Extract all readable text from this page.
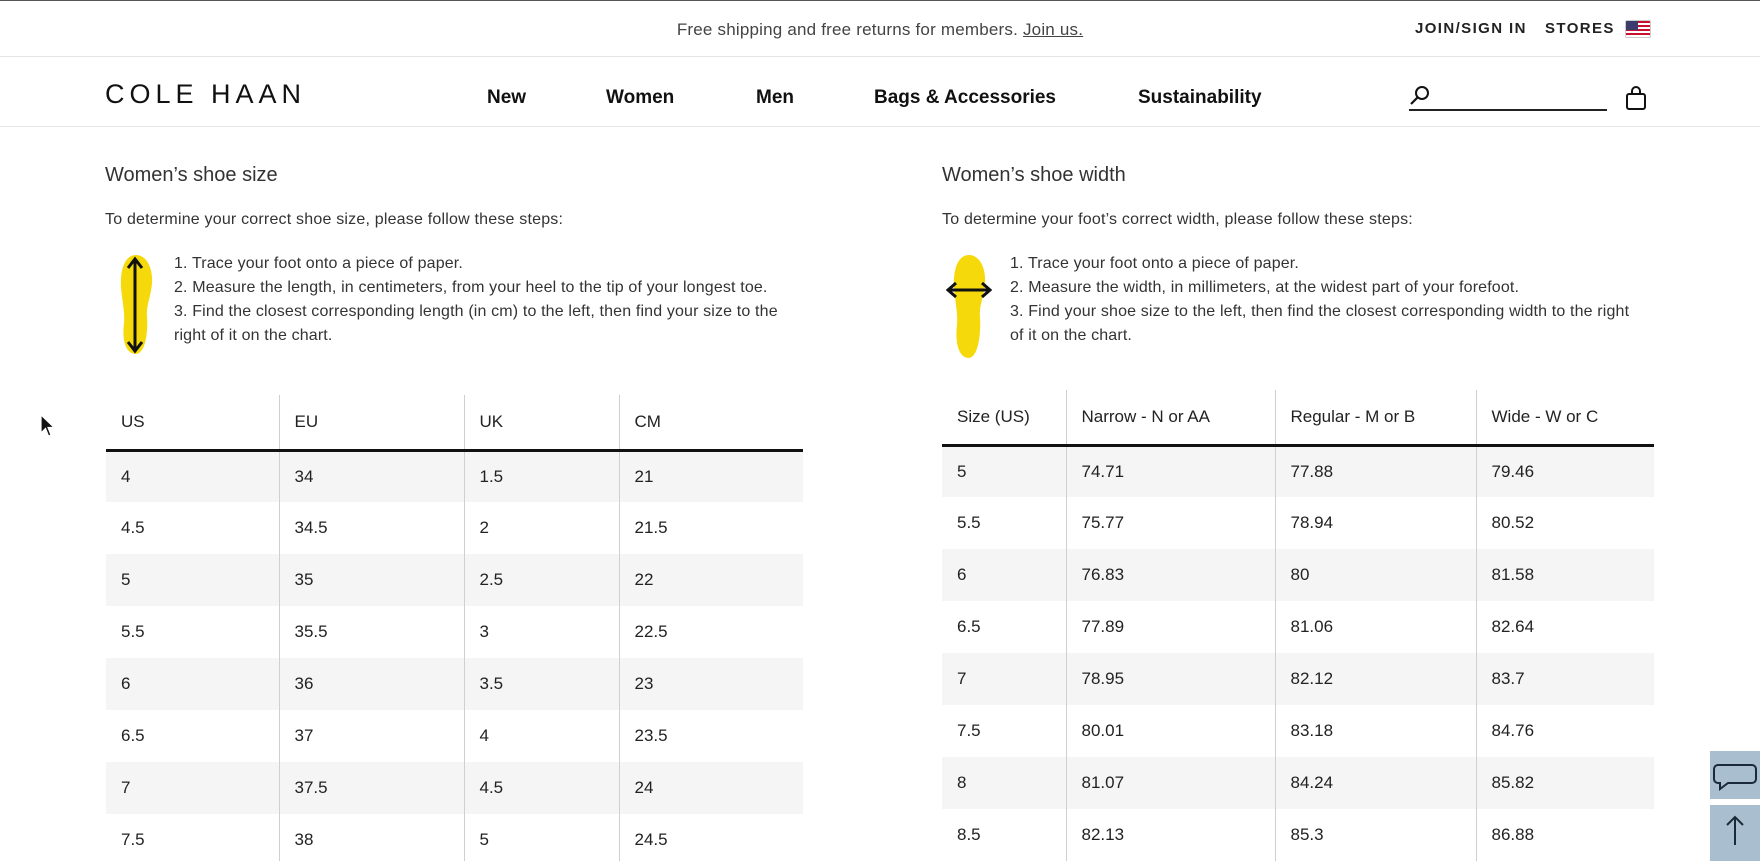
Free shipping and free returns for members. Join us.	JOIN/SIGN IN STORES
COLE HAAN	New	Women	Men	Bags & Accessories	Sustainability
Women’s shoe size
To determine your correct shoe size, please follow these steps:
1. Trace your foot onto a piece of paper.
2. Measure the length, in centimeters, from your heel to the tip of your longest toe.
3. Find the closest corresponding length (in cm) to the left, then find your size to the right of it on the chart.
US	EU	UK	CM
4	34	1.5	21
4.5	34.5	2	21.5
5	35	2.5	22
5.5	35.5	3	22.5
6	36	3.5	23
6.5	37	4	23.5
7	37.5	4.5	24
7.5	38	5	24.5
Women’s shoe width
To determine your foot’s correct width, please follow these steps:
1. Trace your foot onto a piece of paper.
2. Measure the width, in millimeters, at the widest part of your forefoot.
3. Find your shoe size to the left, then find the closest corresponding width to the right of it on the chart.
Size (US)	Narrow - N or AA	Regular - M or B	Wide - W or C
5	74.71	77.88	79.46
5.5	75.77	78.94	80.52
6	76.83	80	81.58
6.5	77.89	81.06	82.64
7	78.95	82.12	83.7
7.5	80.01	83.18	84.76
8	81.07	84.24	85.82
8.5	82.13	85.3	86.88
